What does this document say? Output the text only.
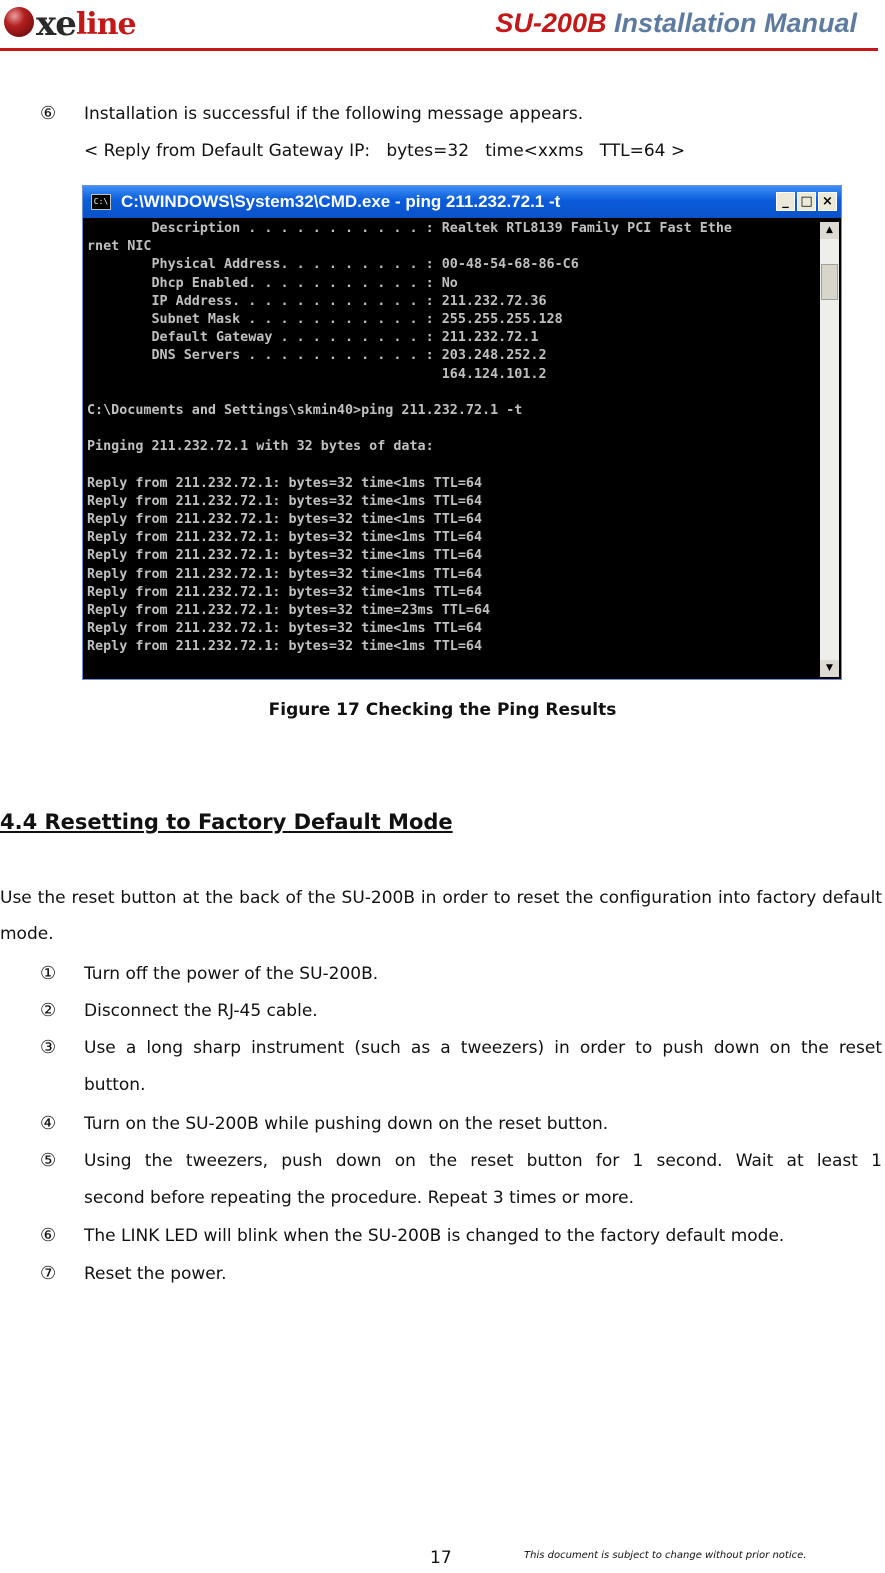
xe line	SU-200B Installation Manual
⑥ Installation is successful if the following message appears.
< Reply from Default Gateway IP:   bytes=32   time<xxms   TTL=64 >
C:\ C:\WINDOWS\System32\CMD.exe - ping 211.232.72.1 -t	_ □ ×
Description . . . . . . . . . . . : Realtek RTL8139 Family PCI Fast Ethe
rnet NIC
Physical Address. . . . . . . . . : 00-48-54-68-86-C6
Dhcp Enabled. . . . . . . . . . . : No
IP Address. . . . . . . . . . . . : 211.232.72.36
Subnet Mask . . . . . . . . . . . : 255.255.255.128
Default Gateway . . . . . . . . . : 211.232.72.1
DNS Servers . . . . . . . . . . . : 203.248.252.2
164.124.101.2
C:\Documents and Settings\skmin40>ping 211.232.72.1 -t
Pinging 211.232.72.1 with 32 bytes of data:
Reply from 211.232.72.1: bytes=32 time<1ms TTL=64
Reply from 211.232.72.1: bytes=32 time<1ms TTL=64
Reply from 211.232.72.1: bytes=32 time<1ms TTL=64
Reply from 211.232.72.1: bytes=32 time<1ms TTL=64
Reply from 211.232.72.1: bytes=32 time<1ms TTL=64
Reply from 211.232.72.1: bytes=32 time<1ms TTL=64
Reply from 211.232.72.1: bytes=32 time<1ms TTL=64
Reply from 211.232.72.1: bytes=32 time=23ms TTL=64
Reply from 211.232.72.1: bytes=32 time<1ms TTL=64
Reply from 211.232.72.1: bytes=32 time<1ms TTL=64
▲
▼
Figure 17 Checking the Ping Results
4.4 Resetting to Factory Default Mode
Use the reset button at the back of the SU-200B in order to reset the configuration into factory default mode.
① Turn off the power of the SU-200B.
② Disconnect the RJ-45 cable.
③ Use a long sharp instrument (such as a tweezers) in order to push down on the reset
button.
④ Turn on the SU-200B while pushing down on the reset button.
⑤ Using the tweezers, push down on the reset button for 1 second. Wait at least 1
second before repeating the procedure. Repeat 3 times or more.
⑥ The LINK LED will blink when the SU-200B is changed to the factory default mode.
⑦ Reset the power.
17	This document is subject to change without prior notice.
